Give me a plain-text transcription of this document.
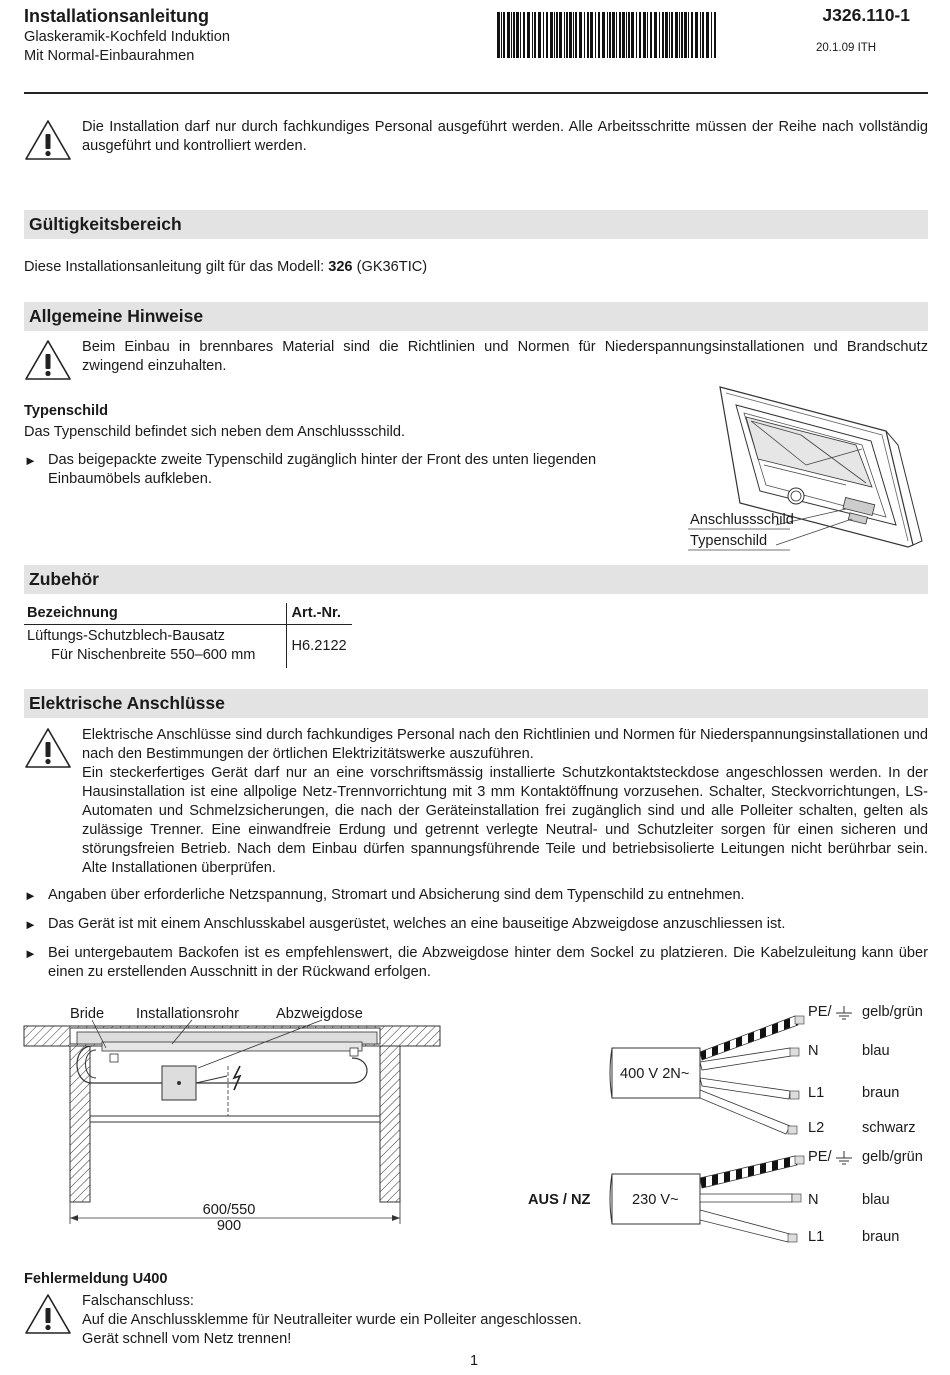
Installationsanleitung
Glaskeramik-Kochfeld Induktion
Mit Normal-Einbaurahmen
J326.110-1
20.1.09 ITH
Die Installation darf nur durch fachkundiges Personal ausgeführt werden. Alle Arbeitsschritte müssen der Reihe nach vollständig ausgeführt und kontrolliert werden.
Gültigkeitsbereich
Diese Installationsanleitung gilt für das Modell: 326 (GK36TIC)
Allgemeine Hinweise
Beim Einbau in brennbares Material sind die Richtlinien und Normen für Niederspannungsinstallationen und Brandschutz zwingend einzuhalten.
Typenschild
Das Typenschild befindet sich neben dem Anschlussschild.
► Das beigepackte zweite Typenschild zugänglich hinter der Front des unten liegenden Einbaumöbels aufkleben.
Anschlussschild
Typenschild
Zubehör
Bezeichnung	Art.-Nr.

Lüftungs-Schutzblech-Bausatz
Für Nischenbreite 550–600 mm	H6.2122
Elektrische Anschlüsse
Elektrische Anschlüsse sind durch fachkundiges Personal nach den Richtlinien und Normen für Niederspannungsinstallationen und nach den Bestimmungen der örtlichen Elektrizitätswerke auszuführen.
Ein steckerfertiges Gerät darf nur an eine vorschriftsmässig installierte Schutzkontaktsteckdose angeschlossen werden. In der Hausinstallation ist eine allpolige Netz-Trennvorrichtung mit 3 mm Kontaktöffnung vorzusehen. Schalter, Steckvorrichtungen, LS-Automaten und Schmelzsicherungen, die nach der Geräteinstallation frei zugänglich sind und alle Polleiter schalten, gelten als zulässige Trenner. Eine einwandfreie Erdung und getrennt verlegte Neutral- und Schutzleiter sorgen für einen sicheren und störungsfreien Betrieb. Nach dem Einbau dürfen spannungsführende Teile und betriebsisolierte Leitungen nicht berührbar sein. Alte Installationen überprüfen.
► Angaben über erforderliche Netzspannung, Stromart und Absicherung sind dem Typenschild zu entnehmen.
► Das Gerät ist mit einem Anschlusskabel ausgerüstet, welches an eine bauseitige Abzweigdose anzuschliessen ist.
► Bei untergebautem Backofen ist es empfehlenswert, die Abzweigdose hinter dem Sockel zu platzieren. Die Kabelzuleitung kann über einen zu erstellenden Ausschnitt in der Rückwand erfolgen.
Bride Installationsrohr	Abzweigdose
600/550
900
400 V 2N~
230 V~
AUS / NZ
PE/ gelb/grün
N	blau
L1	braun
L2	schwarz
PE/ gelb/grün
N	blau
L1	braun
Fehlermeldung U400
Falschanschluss:
Auf die Anschlussklemme für Neutralleiter wurde ein Polleiter angeschlossen.
Gerät schnell vom Netz trennen!
1
